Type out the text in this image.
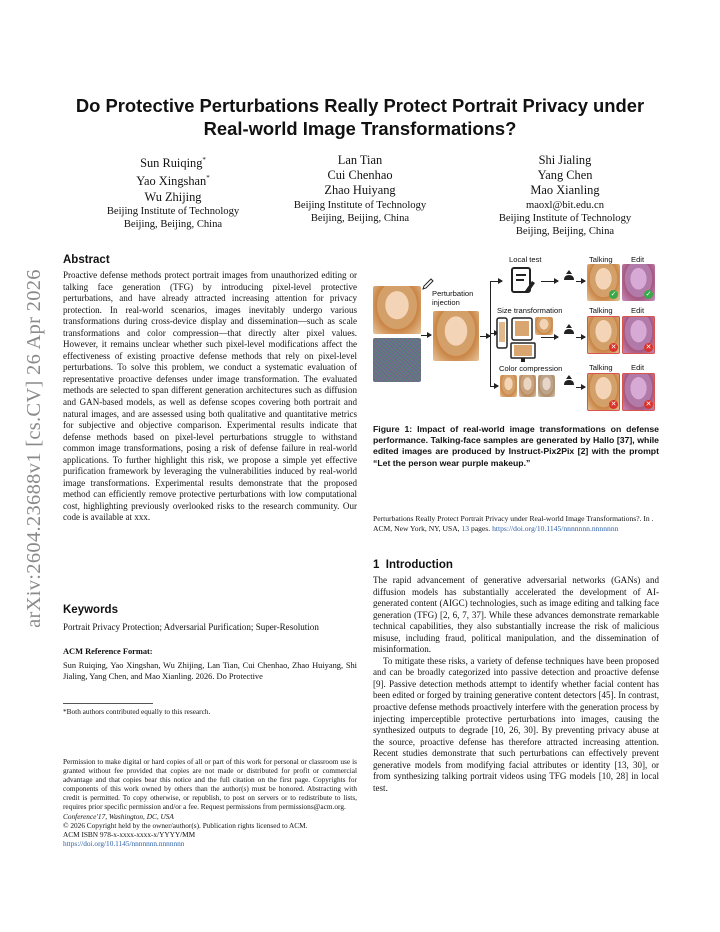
arXiv:2604.23688v1 [cs.CV] 26 Apr 2026
Do Protective Perturbations Really Protect Portrait Privacy under Real-world Image Transformations?
Sun Ruiqing*
Yao Xingshan*
Wu Zhijing
Beijing Institute of Technology
Beijing, Beijing, China
Lan Tian
Cui Chenhao
Zhao Huiyang
Beijing Institute of Technology
Beijing, Beijing, China
Shi Jialing
Yang Chen
Mao Xianling
maoxl@bit.edu.cn
Beijing Institute of Technology
Beijing, Beijing, China
Abstract
Proactive defense methods protect portrait images from unauthorized editing or talking face generation (TFG) by introducing pixel-level protective perturbations, and have already attracted increasing attention for privacy protection. In real-world scenarios, images inevitably undergo various transformations during cross-device display and dissemination—such as scale transformations and color compression—that directly alter pixel values. However, it remains unclear whether such pixel-level modifications affect the effectiveness of existing proactive defense methods that rely on pixel-level perturbations. To solve this problem, we conduct a systematic evaluation of representative proactive defenses under image transformation. The evaluated methods are selected to span different generation architectures such as diffusion and GAN-based models, as well as defense scopes covering both portrait and natural images, and are assessed using both qualitative and quantitative metrics for subjective and objective comparison. Experimental results indicate that defense methods based on pixel-level perturbations struggle to withstand common image transformations, posing a risk of defense failure in real-world applications. To further highlight this risk, we propose a simple yet effective purification framework by leveraging the vulnerabilities induced by real-world image transformations. Experimental results demonstrate that the proposed method can efficiently remove protective perturbations with low computational cost, highlighting previously overlooked risks to the research community. Our code is available at xxx.
Keywords
Portrait Privacy Protection; Adversarial Purification; Super-Resolution
ACM Reference Format:
Sun Ruiqing, Yao Xingshan, Wu Zhijing, Lan Tian, Cui Chenhao, Zhao Huiyang, Shi Jialing, Yang Chen, and Mao Xianling. 2026. Do Protective
*Both authors contributed equally to this research.
Permission to make digital or hard copies of all or part of this work for personal or classroom use is granted without fee provided that copies are not made or distributed for profit or commercial advantage and that copies bear this notice and the full citation on the first page. Copyrights for components of this work owned by others than the author(s) must be honored. Abstracting with credit is permitted. To copy otherwise, or republish, to post on servers or to redistribute to lists, requires prior specific permission and/or a fee. Request permissions from permissions@acm.org.
Conference'17, Washington, DC, USA
© 2026 Copyright held by the owner/author(s). Publication rights licensed to ACM.
ACM ISBN 978-x-xxxx-xxxx-x/YYYY/MM
https://doi.org/10.1145/nnnnnnn.nnnnnnn
Perturbation
injection
Local test	Talking Edit
✓	✓
Size transformation	Talking Edit
✕	✕
Color compression	Talking Edit
✕	✕
Figure 1: Impact of real-world image transformations on defense performance. Talking-face samples are generated by Hallo [37], while edited images are produced by Instruct-Pix2Pix [2] with the prompt “Let the person wear purple makeup.”
Perturbations Really Protect Portrait Privacy under Real-world Image Transformations?. In . ACM, New York, NY, USA, 13 pages. https://doi.org/10.1145/nnnnnnn.nnnnnnn
1 Introduction
The rapid advancement of generative adversarial networks (GANs) and diffusion models has substantially accelerated the development of AI-generated content (AIGC) technologies, such as image editing and talking face generation (TFG) [2, 6, 7, 37]. While these advances demonstrate remarkable technical capabilities, they also substantially increase the risk of malicious misuse, including fraud, political manipulation, and the dissemination of misinformation.
To mitigate these risks, a variety of defense techniques have been proposed and can be broadly categorized into passive detection and proactive defense [9]. Passive detection methods attempt to identify whether facial content has been edited or forged by training generative content detectors [45]. In contrast, proactive defense methods proactively interfere with the generation process by injecting imperceptible protective perturbations into images, causing the synthesized outputs to degrade [10, 26, 30]. By preventing privacy abuse at the source, proactive defense has therefore attracted increasing attention. Recent studies demonstrate that such perturbations can effectively prevent generative models from modifying facial attributes or identity [13, 30], or from synthesizing talking portrait videos using TFG models [10, 28] in local test.
